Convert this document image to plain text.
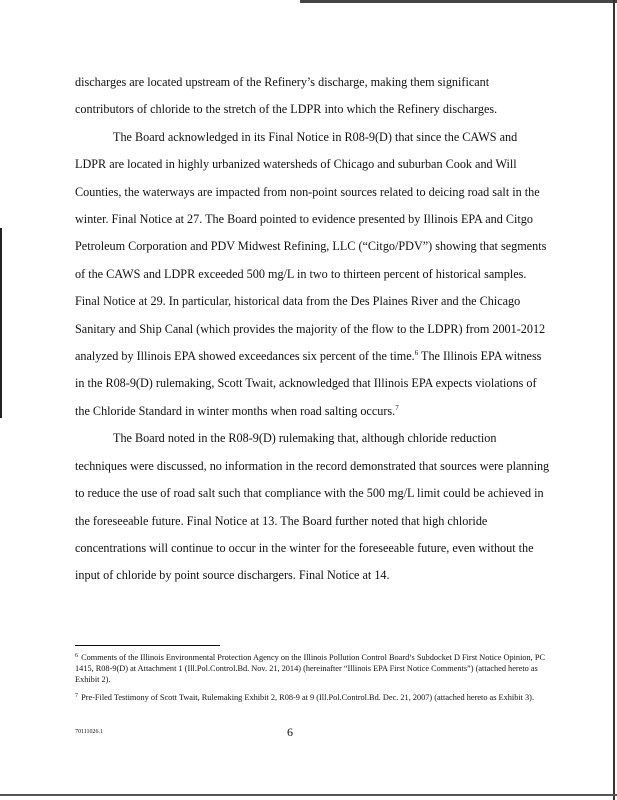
discharges are located upstream of the Refinery’s discharge, making them significant contributors of chloride to the stretch of the LDPR into which the Refinery discharges.

The Board acknowledged in its Final Notice in R08-9(D) that since the CAWS and LDPR are located in highly urbanized watersheds of Chicago and suburban Cook and Will Counties, the waterways are impacted from non-point sources related to deicing road salt in the winter. Final Notice at 27. The Board pointed to evidence presented by Illinois EPA and Citgo Petroleum Corporation and PDV Midwest Refining, LLC (“Citgo/PDV”) showing that segments of the CAWS and LDPR exceeded 500 mg/L in two to thirteen percent of historical samples. Final Notice at 29. In particular, historical data from the Des Plaines River and the Chicago Sanitary and Ship Canal (which provides the majority of the flow to the LDPR) from 2001-2012 analyzed by Illinois EPA showed exceedances six percent of the time.$^6$ The Illinois EPA witness in the R08-9(D) rulemaking, Scott Twait, acknowledged that Illinois EPA expects violations of the Chloride Standard in winter months when road salting occurs.$^7$

The Board noted in the R08-9(D) rulemaking that, although chloride reduction techniques were discussed, no information in the record demonstrated that sources were planning to reduce the use of road salt such that compliance with the 500 mg/L limit could be achieved in the foreseeable future. Final Notice at 13. The Board further noted that high chloride concentrations will continue to occur in the winter for the foreseeable future, even without the input of chloride by point source dischargers. Final Notice at 14.

$^6$ Comments of the Illinois Environmental Protection Agency on the Illinois Pollution Control Board’s Subdocket D First Notice Opinion, PC 1415, R08-9(D) at Attachment 1 (Ill.Pol.Control.Bd. Nov. 21, 2014) (hereinafter “Illinois EPA First Notice Comments”) (attached hereto as Exhibit 2).

$^7$ Pre-Filed Testimony of Scott Twait, Rulemaking Exhibit 2, R08-9 at 9 (Ill.Pol.Control.Bd. Dec. 21, 2007) (attached hereto as Exhibit 3).

70111026.1	6
